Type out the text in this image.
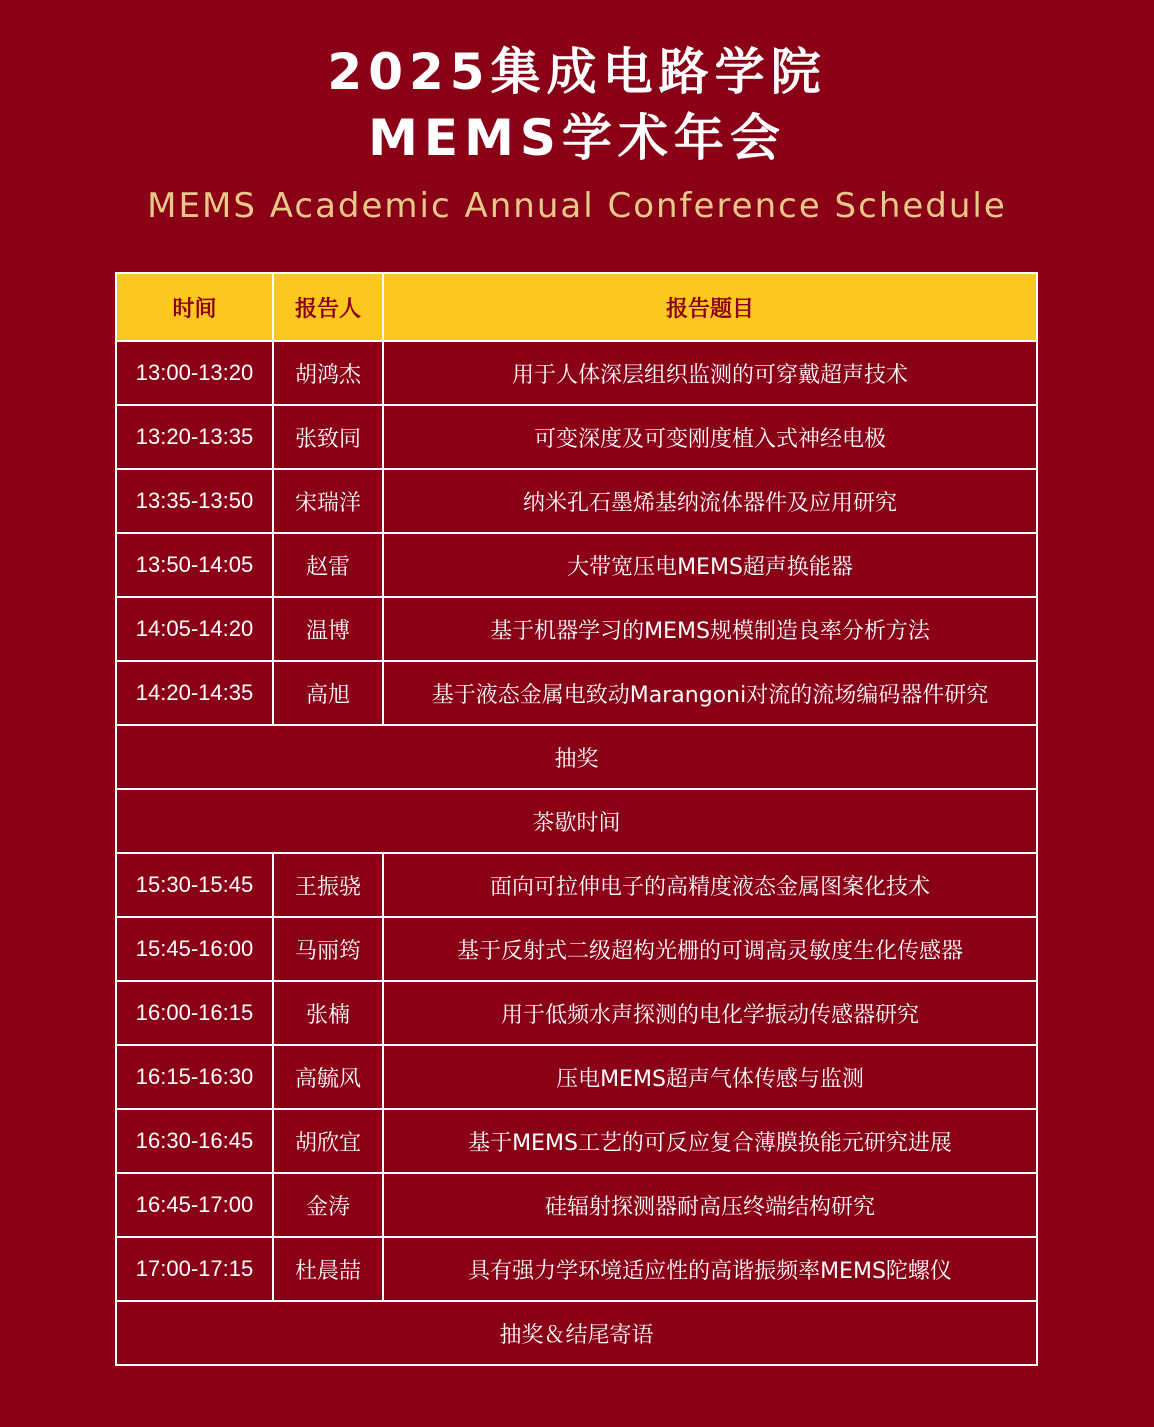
2025集成电路学院
MEMS学术年会
MEMS Academic Annual Conference Schedule
时间	报告人	报告题目
13:00-13:20	胡鸿杰	用于人体深层组织监测的可穿戴超声技术
13:20-13:35	张致同	可变深度及可变刚度植入式神经电极
13:35-13:50	宋瑞洋	纳米孔石墨烯基纳流体器件及应用研究
13:50-14:05	赵雷	大带宽压电MEMS超声换能器
14:05-14:20	温博	基于机器学习的MEMS规模制造良率分析方法
14:20-14:35	高旭	基于液态金属电致动Marangoni对流的流场编码器件研究
抽奖		
茶歇时间		
15:30-15:45	王振骁	面向可拉伸电子的高精度液态金属图案化技术
15:45-16:00	马丽筠	基于反射式二级超构光栅的可调高灵敏度生化传感器
16:00-16:15	张楠	用于低频水声探测的电化学振动传感器研究
16:15-16:30	高毓风	压电MEMS超声气体传感与监测
16:30-16:45	胡欣宜	基于MEMS工艺的可反应复合薄膜换能元研究进展
16:45-17:00	金涛	硅辐射探测器耐高压终端结构研究
17:00-17:15	杜晨喆	具有强力学环境适应性的高谐振频率MEMS陀螺仪
抽奖＆结尾寄语		
